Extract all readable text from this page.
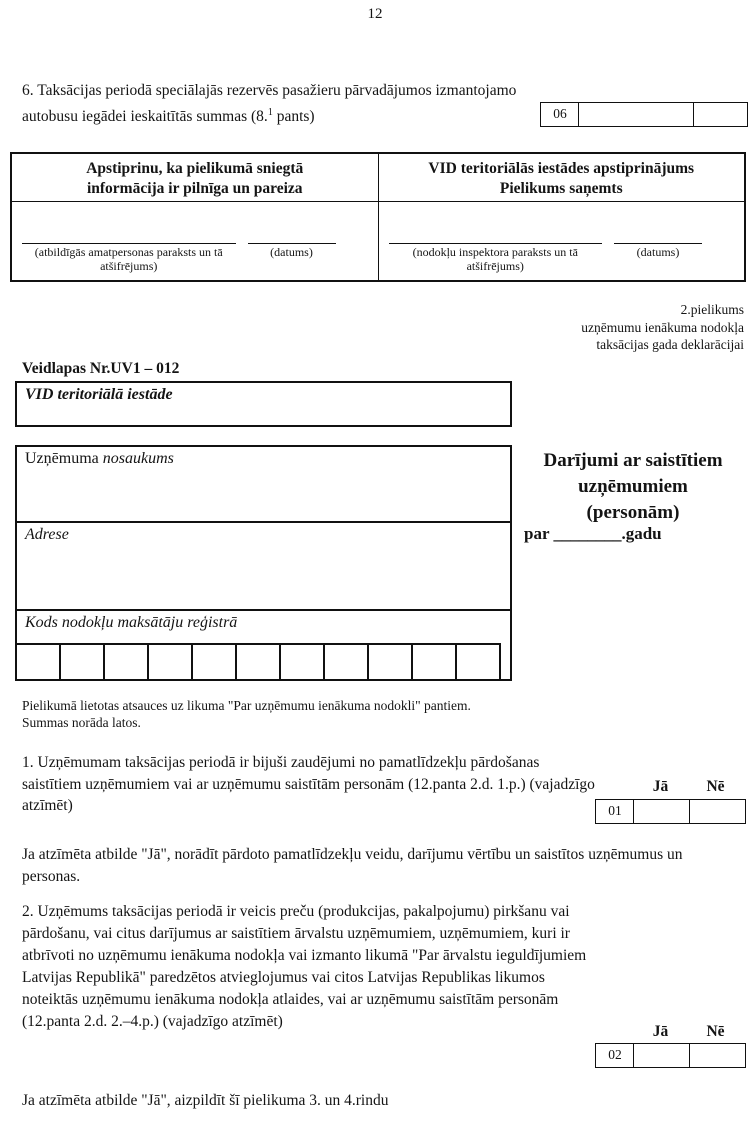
12
6. Taksācijas periodā speciālajās rezervēs pasažieru pārvadājumos izmantojamo autobusu iegādei ieskaitītās summas (8.$^1$ pants)	06
Apstiprinu, ka pielikumā sniegtā
informācija ir pilnīga un pareiza
(atbildīgās amatpersonas paraksts un tā atšifrējums)
(datums)
VID teritoriālās iestādes apstiprinājums
Pielikums saņemts
(nodokļu inspektora paraksts un tā atšifrējums)
(datums)
2.pielikums
uzņēmumu ienākuma nodokļa
taksācijas gada deklarācijai
Veidlapas Nr.UV1 – 012
VID teritoriālā iestāde
Uzņēmuma nosaukums
Adrese
Kods nodokļu maksātāju reģistrā
Darījumi ar saistītiem
uzņēmumiem
(personām)
par ________.gadu
Pielikumā lietotas atsauces uz likuma "Par uzņēmumu ienākuma nodokli" pantiem.
Summas norāda latos.
1. Uzņēmumam taksācijas periodā ir bijuši zaudējumi no pamatlīdzekļu pārdošanas saistītiem uzņēmumiem vai ar uzņēmumu saistītām personām (12.panta 2.d. 1.p.) (vajadzīgo atzīmēt)
Jā	Nē
01
Ja atzīmēta atbilde "Jā", norādīt pārdoto pamatlīdzekļu veidu, darījumu vērtību un saistītos uzņēmumus un personas.
2. Uzņēmums taksācijas periodā ir veicis preču (produkcijas, pakalpojumu) pirkšanu vai pārdošanu, vai citus darījumus ar saistītiem ārvalstu uzņēmumiem, uzņēmumiem, kuri ir atbrīvoti no uzņēmumu ienākuma nodokļa vai izmanto likumā "Par ārvalstu ieguldījumiem Latvijas Republikā" paredzētos atvieglojumus vai citos Latvijas Republikas likumos noteiktās uzņēmumu ienākuma nodokļa atlaides, vai ar uzņēmumu saistītām personām (12.panta 2.d. 2.–4.p.) (vajadzīgo atzīmēt)
Jā	Nē
02
Ja atzīmēta atbilde "Jā", aizpildīt šī pielikuma 3. un 4.rindu
